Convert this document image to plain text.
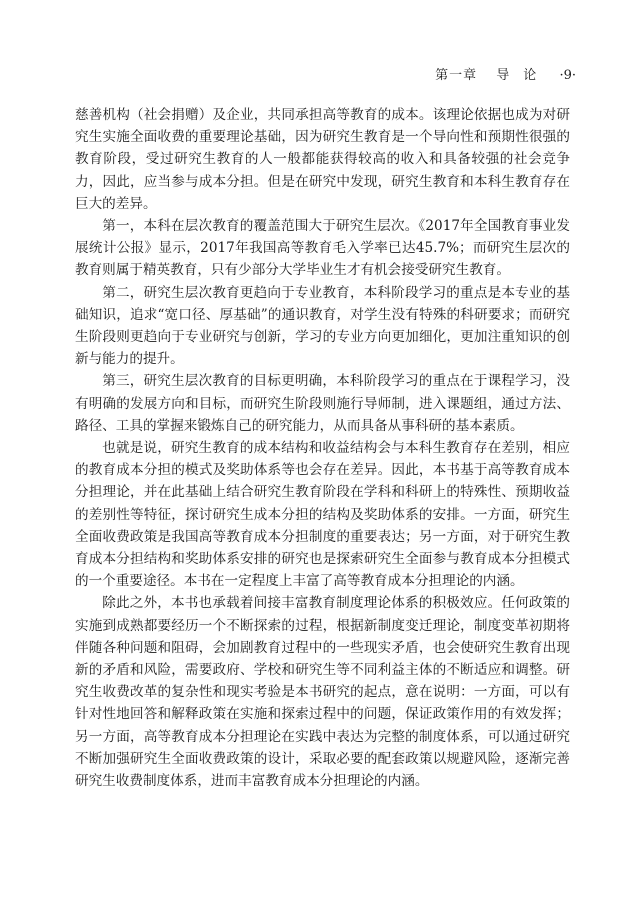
第一章 导论 ·9·

慈善机构（社会捐赠）及企业，共同承担高等教育的成本。该理论依据也成为对研究生实施全面收费的重要理论基础，因为研究生教育是一个导向性和预期性很强的教育阶段，受过研究生教育的人一般都能获得较高的收入和具备较强的社会竞争力，因此，应当参与成本分担。但是在研究中发现，研究生教育和本科生教育存在巨大的差异。

第一，本科在层次教育的覆盖范围大于研究生层次。《2017年全国教育事业发展统计公报》显示，2017年我国高等教育毛入学率已达45.7%；而研究生层次的教育则属于精英教育，只有少部分大学毕业生才有机会接受研究生教育。

第二，研究生层次教育更趋向于专业教育，本科阶段学习的重点是本专业的基础知识，追求“宽口径、厚基础”的通识教育，对学生没有特殊的科研要求；而研究生阶段则更趋向于专业研究与创新，学习的专业方向更加细化，更加注重知识的创新与能力的提升。

第三，研究生层次教育的目标更明确，本科阶段学习的重点在于课程学习，没有明确的发展方向和目标，而研究生阶段则施行导师制，进入课题组，通过方法、路径、工具的掌握来锻炼自己的研究能力，从而具备从事科研的基本素质。

也就是说，研究生教育的成本结构和收益结构会与本科生教育存在差别，相应的教育成本分担的模式及奖助体系等也会存在差异。因此，本书基于高等教育成本分担理论，并在此基础上结合研究生教育阶段在学科和科研上的特殊性、预期收益的差别性等特征，探讨研究生成本分担的结构及奖助体系的安排。一方面，研究生全面收费政策是我国高等教育成本分担制度的重要表达；另一方面，对于研究生教育成本分担结构和奖助体系安排的研究也是探索研究生全面参与教育成本分担模式的一个重要途径。本书在一定程度上丰富了高等教育成本分担理论的内涵。

除此之外，本书也承载着间接丰富教育制度理论体系的积极效应。任何政策的实施到成熟都要经历一个不断探索的过程，根据新制度变迁理论，制度变革初期将伴随各种问题和阻碍，会加剧教育过程中的一些现实矛盾，也会使研究生教育出现新的矛盾和风险，需要政府、学校和研究生等不同利益主体的不断适应和调整。研究生收费改革的复杂性和现实考验是本书研究的起点，意在说明：一方面，可以有针对性地回答和解释政策在实施和探索过程中的问题，保证政策作用的有效发挥；另一方面，高等教育成本分担理论在实践中表达为完整的制度体系，可以通过研究不断加强研究生全面收费政策的设计，采取必要的配套政策以规避风险，逐渐完善研究生收费制度体系，进而丰富教育成本分担理论的内涵。
